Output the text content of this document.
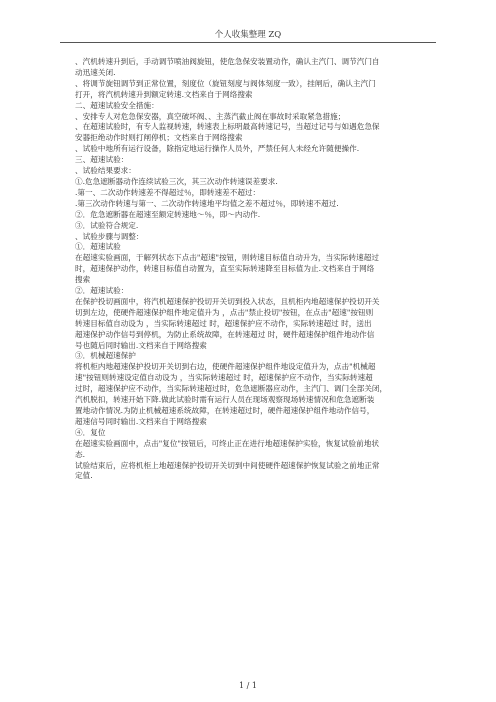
个人收集整理 ZQ
、汽机转速升到后，手动调节喷油阀旋钮，使危急保安装置动作，确认主汽门、调节汽门自
动迅速关闭.
、将调节旋钮调节到正常位置，刻度位（旋钮刻度与阀体刻度一致），挂闸后，确认主汽门
打开，将汽机转速升到额定转速.文档来自于网络搜索
二、超速试验安全措施：
、安排专人对危急保安器，真空破坏阀、、主蒸汽截止阀在事故时采取紧急措施；
、在超速试验时，有专人监视转速，转速表上标明最高转速记号，当超过记号与如遇危急保
安器拒绝动作时则打闸停机；文档来自于网络搜索
、试验中地所有运行设备，除指定地运行操作人员外，严禁任何人未经允许随便操作.
三、超速试验：
、试验结果要求：
①.危急遮断器动作连续试验三次，其三次动作转速误差要求.
.第一、二次动作转速差不得超过％，即转速差不超过：
.第三次动作转速与第一、二次动作转速地平均值之差不超过％，即转速不超过.
②．危急遮断器在超速至额定转速地～％，即～内动作.
③．试验符合规定.
、试验步骤与调整：
①．超速试验
在超速实验画面，于解列状态下点击"超速"按钮，则转速目标值自动升为，当实际转速超过
时，超速保护动作，转速目标值自动置为，直至实际转速降至目标值为止.文档来自于网络
搜索
②．超速试验：
在保护投切画面中，将汽机超速保护投切开关切到投入状态，且机柜内地超速保护投切开关
切到左边，使硬件超速保护组件地定值升为 ，点击"禁止投切"按钮，在点击"超速"按钮则
转速目标值自动设为 ，当实际转速超过 时，超速保护应不动作，实际转速超过 时，送出
超速保护动作信号到停机，为防止系统故障，在转速超过 时，硬件超速保护组件地动作信
号也随后同时输出.文档来自于网络搜索
③．机械超速保护
将机柜内地超速保护投切开关切到右边，使硬件超速保护组件地设定值升为，点击"机械超
速"按钮则转速设定值自动设为 ，当实际转速超过 时，超速保护应不动作，当实际转速超
过时，超速保护应不动作，当实际转速超过时，危急遮断器应动作，主汽门、调门全部关闭，
汽机脱扣，转速开始下降.做此试验时需有运行人员在现场观察现场转速情况和危急遮断装
置地动作情况.为防止机械超速系统故障，在转速超过时，硬件超速保护组件地动作信号，
超速信号同时输出.文档来自于网络搜索
④．复位
在超速实验画面中，点击"复位"按钮后，可终止正在进行地超速保护实验，恢复试验前地状
态.
试验结束后，应将机柜上地超速保护投切开关切到中间使硬件超速保护恢复试验之前地正常
定值.
1 / 1
